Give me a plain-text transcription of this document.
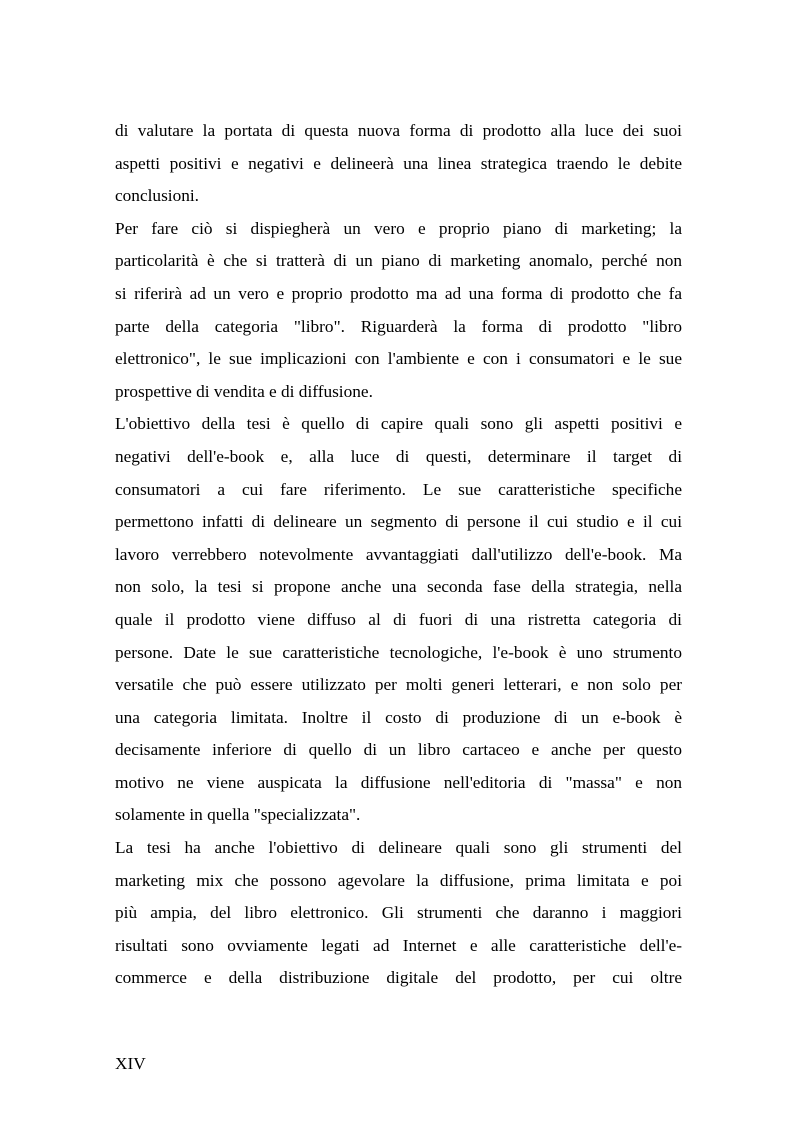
di valutare la portata di questa nuova forma di prodotto alla luce dei suoi
aspetti positivi e negativi e delineerà una linea strategica traendo le debite
conclusioni.
Per fare ciò si dispiegherà un vero e proprio piano di marketing; la
particolarità è che si tratterà di un piano di marketing anomalo, perché non
si riferirà ad un vero e proprio prodotto ma ad una forma di prodotto che fa
parte della categoria "libro". Riguarderà la forma di prodotto "libro
elettronico", le sue implicazioni con l'ambiente e con i consumatori e le sue
prospettive di vendita e di diffusione.
L'obiettivo della tesi è quello di capire quali sono gli aspetti positivi e
negativi dell'e-book e, alla luce di questi, determinare il target di
consumatori a cui fare riferimento. Le sue caratteristiche specifiche
permettono infatti di delineare un segmento di persone il cui studio e il cui
lavoro verrebbero notevolmente avvantaggiati dall'utilizzo dell'e-book. Ma
non solo, la tesi si propone anche una seconda fase della strategia, nella
quale il prodotto viene diffuso al di fuori di una ristretta categoria di
persone. Date le sue caratteristiche tecnologiche, l'e-book è uno strumento
versatile che può essere utilizzato per molti generi letterari, e non solo per
una categoria limitata. Inoltre il costo di produzione di un e-book è
decisamente inferiore di quello di un libro cartaceo e anche per questo
motivo ne viene auspicata la diffusione nell'editoria di "massa" e non
solamente in quella "specializzata".
La tesi ha anche l'obiettivo di delineare quali sono gli strumenti del
marketing mix che possono agevolare la diffusione, prima limitata e poi
più ampia, del libro elettronico. Gli strumenti che daranno i maggiori
risultati sono ovviamente legati ad Internet e alle caratteristiche dell'e-
commerce e della distribuzione digitale del prodotto, per cui oltre
XIV
